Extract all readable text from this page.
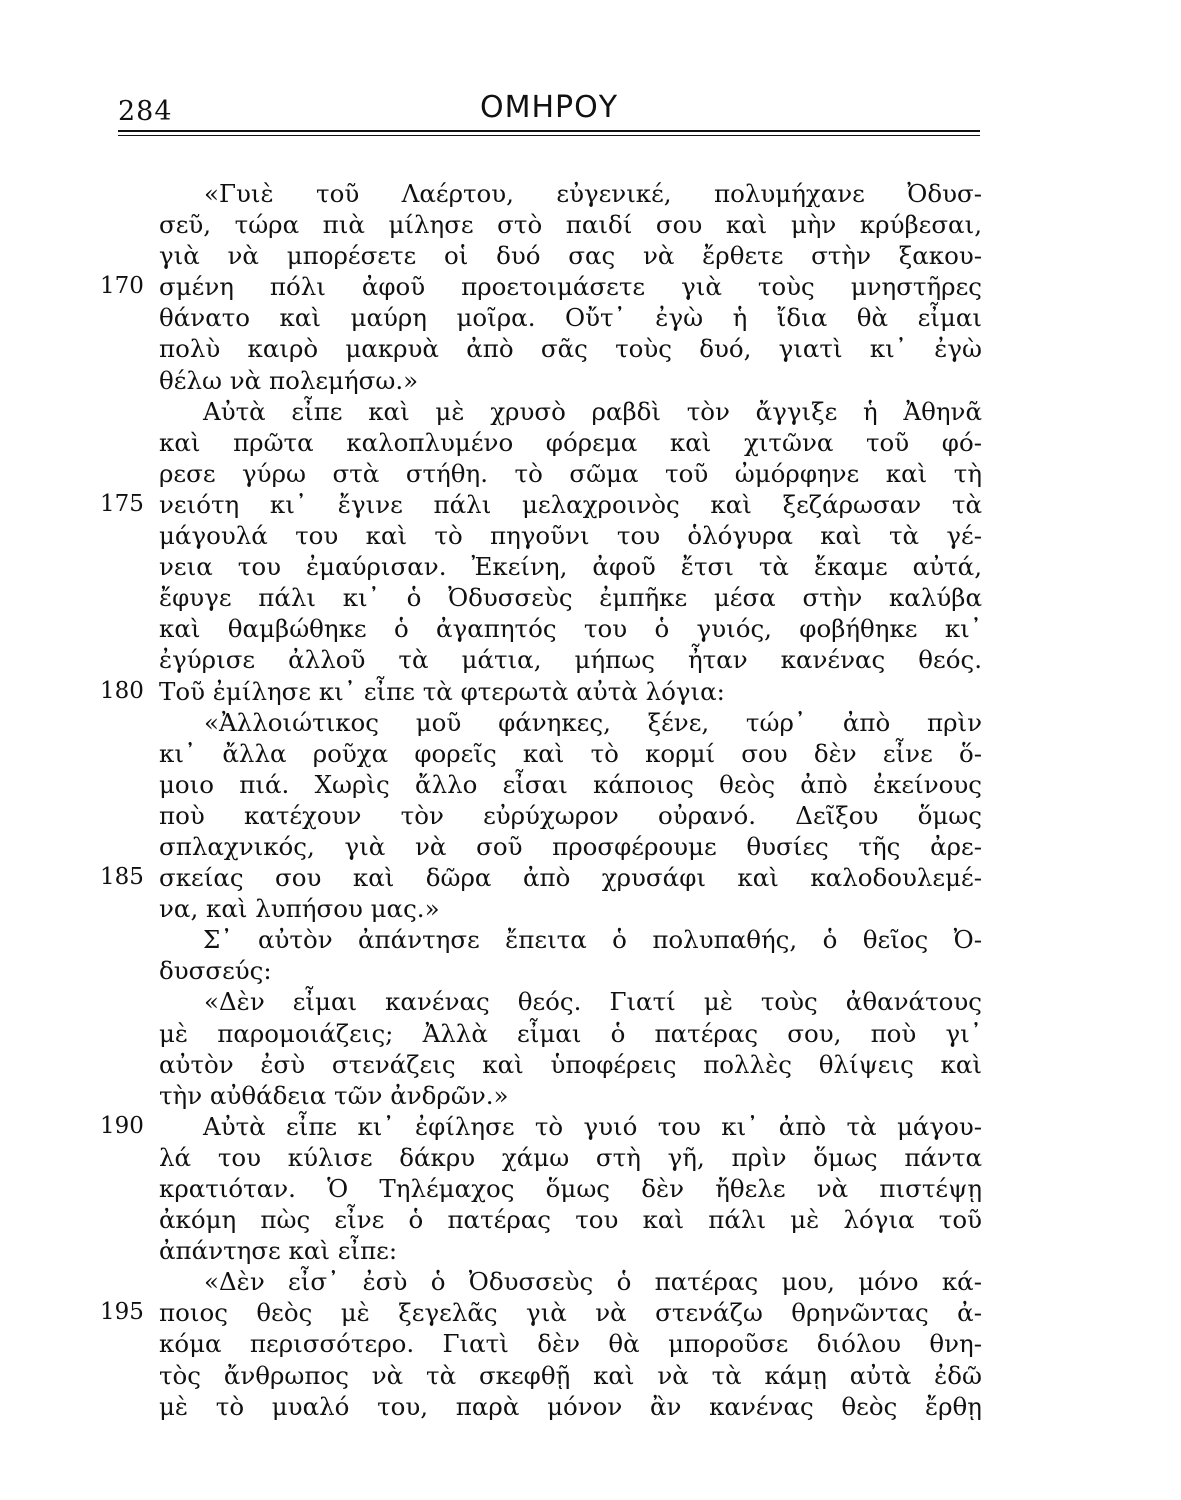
284	ΟΜΗΡΟΥ
«Γυιὲ τοῦ Λαέρτου, εὐγενικέ, πολυμήχανε Ὀδυσ-
σεῦ, τώρα πιὰ μίλησε στὸ παιδί σου καὶ μὴν κρύβεσαι,
γιὰ νὰ μπορέσετε οἱ δυό σας νὰ ἔρθετε στὴν ξακου-
170 σμένη πόλι ἀφοῦ προετοιμάσετε γιὰ τοὺς μνηστῆρες
θάνατο καὶ μαύρη μοῖρα. Οὔτ᾽ ἐγὼ ἡ ἴδια θὰ εἶμαι
πολὺ καιρὸ μακρυὰ ἀπὸ σᾶς τοὺς δυό, γιατὶ κι᾽ ἐγὼ
θέλω νὰ πολεμήσω.»
Αὐτὰ εἶπε καὶ μὲ χρυσὸ ραβδὶ τὸν ἄγγιξε ἡ Ἀθηνᾶ
καὶ πρῶτα καλοπλυμένο φόρεμα καὶ χιτῶνα τοῦ φό-
ρεσε γύρω στὰ στήθη. τὸ σῶμα τοῦ ὠμόρφηνε καὶ τὴ
175 νειότη κι᾽ ἔγινε πάλι μελαχροινὸς καὶ ξεζάρωσαν τὰ
μάγουλά του καὶ τὸ πηγοῦνι του ὁλόγυρα καὶ τὰ γέ-
νεια του ἐμαύρισαν. Ἐκείνη, ἀφοῦ ἔτσι τὰ ἔκαμε αὐτά,
ἔφυγε πάλι κι᾽ ὁ Ὀδυσσεὺς ἐμπῆκε μέσα στὴν καλύβα
καὶ θαμβώθηκε ὁ ἀγαπητός του ὁ γυιός, φοβήθηκε κι᾽
ἐγύρισε ἀλλοῦ τὰ μάτια, μήπως ἦταν κανένας θεός.
180 Τοῦ ἐμίλησε κι᾽ εἶπε τὰ φτερωτὰ αὐτὰ λόγια:
«Ἀλλοιώτικος μοῦ φάνηκες, ξένε, τώρ᾽ ἀπὸ πρὶν
κι᾽ ἄλλα ροῦχα φορεῖς καὶ τὸ κορμί σου δὲν εἶνε ὅ-
μοιο πιά. Χωρὶς ἄλλο εἶσαι κάποιος θεὸς ἀπὸ ἐκείνους
ποὺ κατέχουν τὸν εὐρύχωρον οὐρανό. Δεῖξου ὅμως
σπλαχνικός, γιὰ νὰ σοῦ προσφέρουμε θυσίες τῆς ἀρε-
185 σκείας σου καὶ δῶρα ἀπὸ χρυσάφι καὶ καλοδουλεμέ-
να, καὶ λυπήσου μας.»
Σ᾽ αὐτὸν ἀπάντησε ἔπειτα ὁ πολυπαθής, ὁ θεῖος Ὀ-
δυσσεύς:
«Δὲν εἶμαι κανένας θεός. Γιατί μὲ τοὺς ἀθανάτους
μὲ παρομοιάζεις; Ἀλλὰ εἶμαι ὁ πατέρας σου, ποὺ γι᾽
αὐτὸν ἐσὺ στενάζεις καὶ ὑποφέρεις πολλὲς θλίψεις καὶ
τὴν αὐθάδεια τῶν ἀνδρῶν.»
190 Αὐτὰ εἶπε κι᾽ ἐφίλησε τὸ γυιό του κι᾽ ἀπὸ τὰ μάγου-
λά του κύλισε δάκρυ χάμω στὴ γῆ, πρὶν ὅμως πάντα
κρατιόταν. Ὁ Τηλέμαχος ὅμως δὲν ἤθελε νὰ πιστέψῃ
ἀκόμη πὼς εἶνε ὁ πατέρας του καὶ πάλι μὲ λόγια τοῦ
ἀπάντησε καὶ εἶπε:
«Δὲν εἶσ᾽ ἐσὺ ὁ Ὀδυσσεὺς ὁ πατέρας μου, μόνο κά-
195 ποιος θεὸς μὲ ξεγελᾶς γιὰ νὰ στενάζω θρηνῶντας ἀ-
κόμα περισσότερο. Γιατὶ δὲν θὰ μποροῦσε διόλου θνη-
τὸς ἄνθρωπος νὰ τὰ σκεφθῇ καὶ νὰ τὰ κάμῃ αὐτὰ ἐδῶ
μὲ τὸ μυαλό του, παρὰ μόνον ἂν κανένας θεὸς ἔρθῃ
